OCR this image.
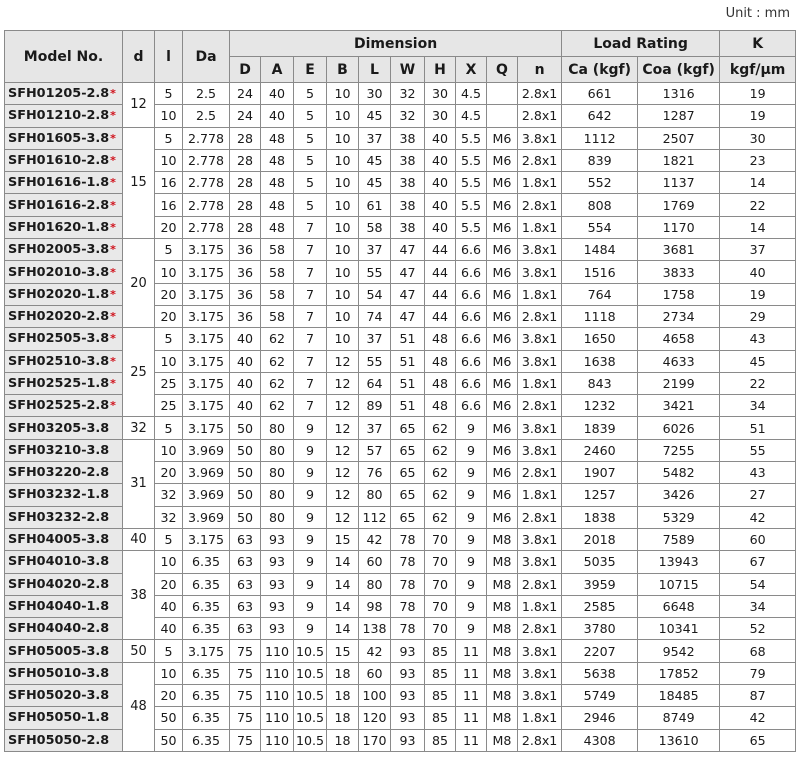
Unit : mm
Model No.	d	l	Da	Dimension										Load Rating		K
				D	A	E	B	L	W	H	X	Q	n	Ca (kgf)	Coa (kgf)	kgf/μm
SFH01205-2.8*	12	5	2.5	24	40	5	10	30	32	30	4.5		2.8x1	661	1316	19
SFH01210-2.8*		10	2.5	24	40	5	10	45	32	30	4.5		2.8x1	642	1287	19
SFH01605-3.8*	15	5	2.778	28	48	5	10	37	38	40	5.5	M6	3.8x1	1112	2507	30
SFH01610-2.8*		10	2.778	28	48	5	10	45	38	40	5.5	M6	2.8x1	839	1821	23
SFH01616-1.8*		16	2.778	28	48	5	10	45	38	40	5.5	M6	1.8x1	552	1137	14
SFH01616-2.8*		16	2.778	28	48	5	10	61	38	40	5.5	M6	2.8x1	808	1769	22
SFH01620-1.8*		20	2.778	28	48	7	10	58	38	40	5.5	M6	1.8x1	554	1170	14
SFH02005-3.8*	20	5	3.175	36	58	7	10	37	47	44	6.6	M6	3.8x1	1484	3681	37
SFH02010-3.8*		10	3.175	36	58	7	10	55	47	44	6.6	M6	3.8x1	1516	3833	40
SFH02020-1.8*		20	3.175	36	58	7	10	54	47	44	6.6	M6	1.8x1	764	1758	19
SFH02020-2.8*		20	3.175	36	58	7	10	74	47	44	6.6	M6	2.8x1	1118	2734	29
SFH02505-3.8*	25	5	3.175	40	62	7	10	37	51	48	6.6	M6	3.8x1	1650	4658	43
SFH02510-3.8*		10	3.175	40	62	7	12	55	51	48	6.6	M6	3.8x1	1638	4633	45
SFH02525-1.8*		25	3.175	40	62	7	12	64	51	48	6.6	M6	1.8x1	843	2199	22
SFH02525-2.8*		25	3.175	40	62	7	12	89	51	48	6.6	M6	2.8x1	1232	3421	34
SFH03205-3.8	32	5	3.175	50	80	9	12	37	65	62	9	M6	3.8x1	1839	6026	51
SFH03210-3.8	31	10	3.969	50	80	9	12	57	65	62	9	M6	3.8x1	2460	7255	55
SFH03220-2.8		20	3.969	50	80	9	12	76	65	62	9	M6	2.8x1	1907	5482	43
SFH03232-1.8		32	3.969	50	80	9	12	80	65	62	9	M6	1.8x1	1257	3426	27
SFH03232-2.8		32	3.969	50	80	9	12	112	65	62	9	M6	2.8x1	1838	5329	42
SFH04005-3.8	40	5	3.175	63	93	9	15	42	78	70	9	M8	3.8x1	2018	7589	60
SFH04010-3.8	38	10	6.35	63	93	9	14	60	78	70	9	M8	3.8x1	5035	13943	67
SFH04020-2.8		20	6.35	63	93	9	14	80	78	70	9	M8	2.8x1	3959	10715	54
SFH04040-1.8		40	6.35	63	93	9	14	98	78	70	9	M8	1.8x1	2585	6648	34
SFH04040-2.8		40	6.35	63	93	9	14	138	78	70	9	M8	2.8x1	3780	10341	52
SFH05005-3.8	50	5	3.175	75	110	10.5	15	42	93	85	11	M8	3.8x1	2207	9542	68
SFH05010-3.8	48	10	6.35	75	110	10.5	18	60	93	85	11	M8	3.8x1	5638	17852	79
SFH05020-3.8		20	6.35	75	110	10.5	18	100	93	85	11	M8	3.8x1	5749	18485	87
SFH05050-1.8		50	6.35	75	110	10.5	18	120	93	85	11	M8	1.8x1	2946	8749	42
SFH05050-2.8		50	6.35	75	110	10.5	18	170	93	85	11	M8	2.8x1	4308	13610	65
